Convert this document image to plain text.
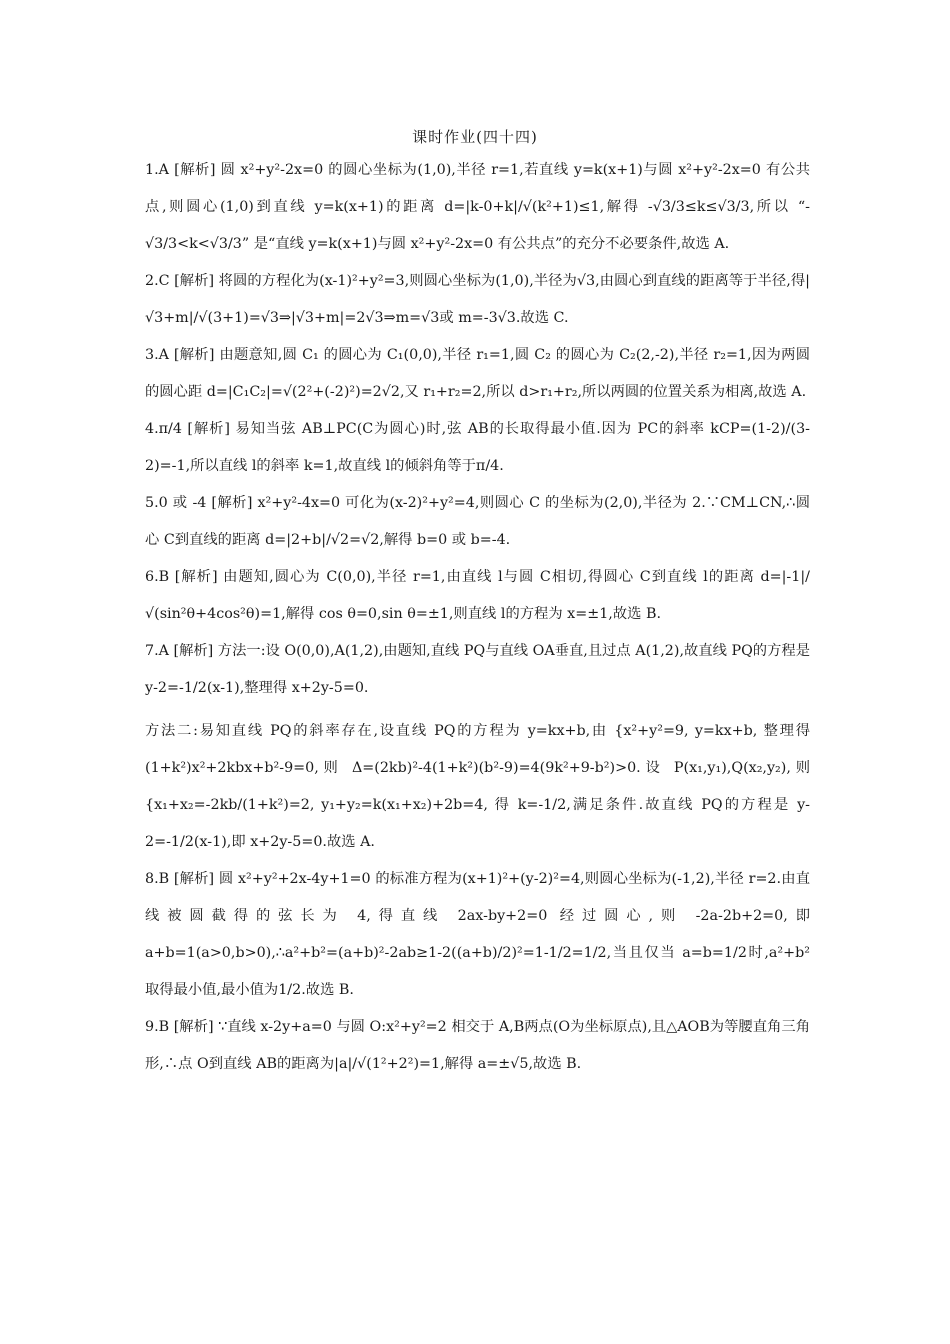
课时作业(四十四)

1.A [解析] 圆 x²+y²-2x=0 的圆心坐标为(1,0),半径 r=1,若直线 y=k(x+1)与圆 x²+y²-2x=0 有公共点,则圆心(1,0)到直线 y=k(x+1)的距离 d=|k-0+k|/√(k²+1)≤1,解得 -√3/3≤k≤√3/3,所以 “-√3/3<k<√3/3” 是“直线 y=k(x+1)与圆 x²+y²-2x=0 有公共点”的充分不必要条件,故选 A.

2.C [解析] 将圆的方程化为(x-1)²+y²=3,则圆心坐标为(1,0),半径为√3,由圆心到直线的距离等于半径,得|√3+m|/√(3+1)=√3⇒|√3+m|=2√3⇒m=√3或 m=-3√3.故选 C.

3.A [解析] 由题意知,圆 C₁ 的圆心为 C₁(0,0),半径 r₁=1,圆 C₂ 的圆心为 C₂(2,-2),半径 r₂=1,因为两圆的圆心距 d=|C₁C₂|=√(2²+(-2)²)=2√2,又 r₁+r₂=2,所以 d>r₁+r₂,所以两圆的位置关系为相离,故选 A.

4.π/4 [解析] 易知当弦 AB⊥PC(C为圆心)时,弦 AB的长取得最小值.因为 PC的斜率 kCP=(1-2)/(3-2)=-1,所以直线 l的斜率 k=1,故直线 l的倾斜角等于π/4.

5.0 或 -4 [解析] x²+y²-4x=0 可化为(x-2)²+y²=4,则圆心 C 的坐标为(2,0),半径为 2.∵CM⊥CN,∴圆心 C到直线的距离 d=|2+b|/√2=√2,解得 b=0 或 b=-4.

6.B [解析] 由题知,圆心为 C(0,0),半径 r=1,由直线 l与圆 C相切,得圆心 C到直线 l的距离 d=|-1|/√(sin²θ+4cos²θ)=1,解得 cos θ=0,sin θ=±1,则直线 l的方程为 x=±1,故选 B.

7.A [解析] 方法一:设 O(0,0),A(1,2),由题知,直线 PQ与直线 OA垂直,且过点 A(1,2),故直线 PQ的方程是 y-2=-1/2(x-1),整理得 x+2y-5=0.

方法二:易知直线 PQ的斜率存在,设直线 PQ的方程为 y=kx+b,由 {x²+y²=9, y=kx+b, 整理得 (1+k²)x²+2kbx+b²-9=0,则 Δ=(2kb)²-4(1+k²)(b²-9)=4(9k²+9-b²)>0.设 P(x₁,y₁),Q(x₂,y₂),则 {x₁+x₂=-2kb/(1+k²)=2, y₁+y₂=k(x₁+x₂)+2b=4, 得 k=-1/2,满足条件.故直线 PQ的方程是 y-2=-1/2(x-1),即 x+2y-5=0.故选 A.

8.B [解析] 圆 x²+y²+2x-4y+1=0 的标准方程为(x+1)²+(y-2)²=4,则圆心坐标为(-1,2),半径 r=2.由直线被圆截得的弦长为 4,得直线 2ax-by+2=0 经过圆心,则 -2a-2b+2=0,即 a+b=1(a>0,b>0),∴a²+b²=(a+b)²-2ab≥1-2((a+b)/2)²=1-1/2=1/2,当且仅当 a=b=1/2时,a²+b²取得最小值,最小值为1/2.故选 B.

9.B [解析] ∵直线 x-2y+a=0 与圆 O:x²+y²=2 相交于 A,B两点(O为坐标原点),且△AOB为等腰直角三角形,∴点 O到直线 AB的距离为|a|/√(1²+2²)=1,解得 a=±√5,故选 B.
